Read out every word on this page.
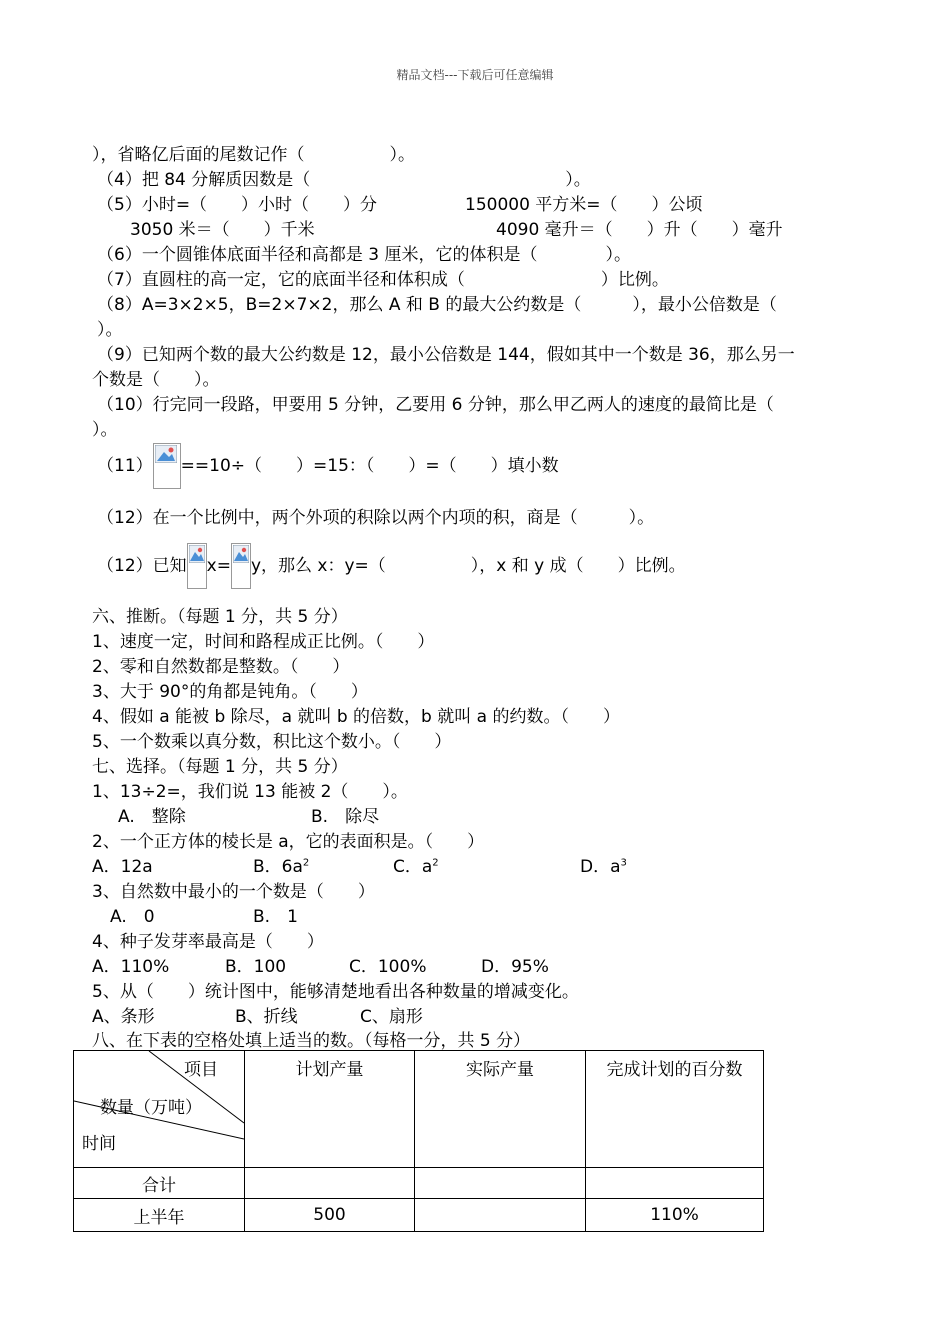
精品文档---下载后可任意编辑
），省略亿后面的尾数记作（　　　　　）。
（4）把 84 分解质因数是（　　　　　　　　　　　　　　　）。
（5）小时=（　　）小时（　　）分	150000 平方米=（　　）公顷
3050 米＝（　　）千米	4090 毫升＝（　　）升（　　）毫升
（6）一个圆锥体底面半径和高都是 3 厘米，它的体积是（　　　　）。
（7）直圆柱的高一定，它的底面半径和体积成（　　　　　　　　）比例。
（8）A=3×2×5，B=2×7×2，那么 A 和 B 的最大公约数是（　　　），最小公倍数是（
）。
（9）已知两个数的最大公约数是 12，最小公倍数是 144，假如其中一个数是 36，那么另一
个数是（　　）。
（10）行完同一段路，甲要用 5 分钟，乙要用 6 分钟，那么甲乙两人的速度的最简比是（
）。
（11） ==10÷（　　）=15：（　　）=（　　）填小数
（12）在一个比例中，两个外项的积除以两个内项的积，商是（　　　）。
（12）已知 x= y，那么 x：y=（　　　　　），x 和 y 成（　　）比例。
六、推断。（每题 1 分，共 5 分）
1、速度一定，时间和路程成正比例。（　　）
2、零和自然数都是整数。（　　）
3、大于 90°的角都是钝角。（　　）
4、假如 a 能被 b 除尽，a 就叫 b 的倍数，b 就叫 a 的约数。（　　）
5、一个数乘以真分数，积比这个数小。（　　）
七、选择。（每题 1 分，共 5 分）
1、13÷2=，我们说 13 能被 2（　　）。
A.　整除	B.　除尽
2、一个正方体的棱长是 a，它的表面积是。（　　）
A．12a	B．$6a^2$	C．$a^2$	D．$a^3$
3、自然数中最小的一个数是（　　）
A.　0	B.　1
4、种子发芽率最高是（　　）
A．110%	B．100	C．100%	D．95%
5、从（　　）统计图中，能够清楚地看出各种数量的增减变化。
A、条形	B、折线	C、扇形
八、在下表的空格处填上适当的数。（每格一分，共 5 分）
项目
数量（万吨）
时间	计划产量	实际产量	完成计划的百分数
合计			
上半年	500		110%
